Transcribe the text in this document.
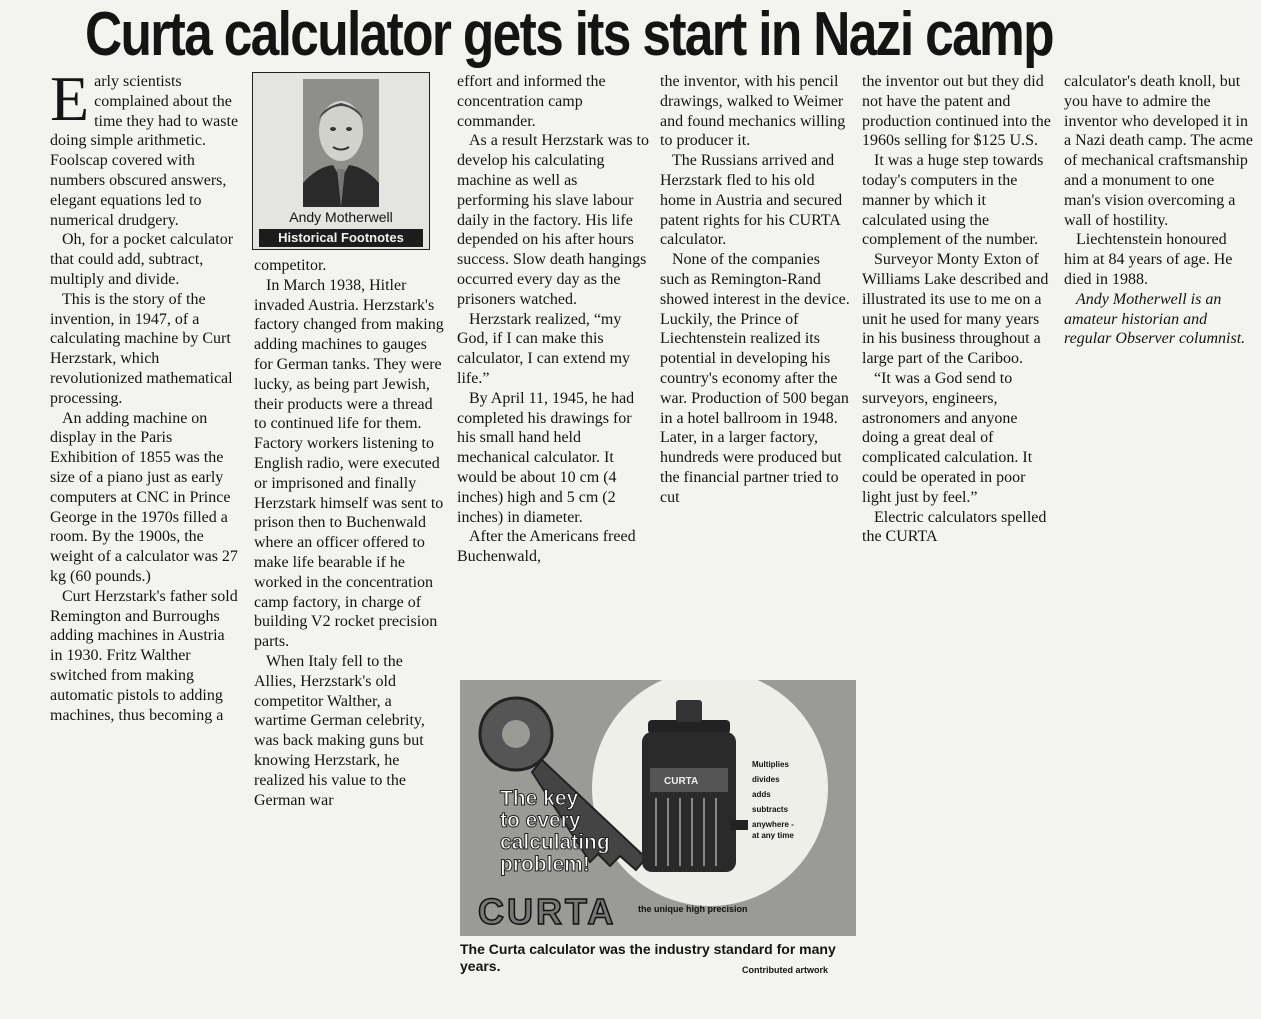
Curta calculator gets its start in Nazi camp

Early scientists complained about the time they had to waste doing simple arithmetic. Foolscap covered with numbers obscured answers, elegant equations led to numerical drudgery.

Oh, for a pocket calculator that could add, subtract, multiply and divide.

This is the story of the invention, in 1947, of a calculating machine by Curt Herzstark, which revolutionized mathematical processing.

An adding machine on display in the Paris Exhibition of 1855 was the size of a piano just as early computers at CNC in Prince George in the 1970s filled a room. By the 1900s, the weight of a calculator was 27 kg (60 pounds.)

Curt Herzstark's father sold Remington and Burroughs adding machines in Austria in 1930. Fritz Walther switched from making automatic pistols to adding machines, thus becoming a

Andy Motherwell
Historical Footnotes

competitor.

In March 1938, Hitler invaded Austria. Herzstark's factory changed from making adding machines to gauges for German tanks. They were lucky, as being part Jewish, their products were a thread to continued life for them. Factory workers listening to English radio, were executed or imprisoned and finally Herzstark himself was sent to prison then to Buchenwald where an officer offered to make life bearable if he worked in the concentration camp factory, in charge of building V2 rocket precision parts.

When Italy fell to the Allies, Herzstark's old competitor Walther, a wartime German celebrity, was back making guns but knowing Herzstark, he realized his value to the German war

effort and informed the concentration camp commander.

As a result Herzstark was to develop his calculating machine as well as performing his slave labour daily in the factory. His life depended on his after hours success. Slow death hangings occurred every day as the prisoners watched.

Herzstark realized, “my God, if I can make this calculator, I can extend my life.”

By April 11, 1945, he had completed his drawings for his small hand held mechanical calculator. It would be about 10 cm (4 inches) high and 5 cm (2 inches) in diameter.

After the Americans freed Buchenwald,

the inventor, with his pencil drawings, walked to Weimer and found mechanics willing to producer it.

The Russians arrived and Herzstark fled to his old home in Austria and secured patent rights for his CURTA calculator.

None of the companies such as Remington-Rand showed interest in the device. Luckily, the Prince of Liechtenstein realized its potential in developing his country's economy after the war. Production of 500 began in a hotel ballroom in 1948. Later, in a larger factory, hundreds were produced but the financial partner tried to cut

the inventor out but they did not have the patent and production continued into the 1960s selling for $125 U.S.

It was a huge step towards today's computers in the manner by which it calculated using the complement of the number.

Surveyor Monty Exton of Williams Lake described and illustrated its use to me on a unit he used for many years in his business throughout a large part of the Cariboo.

“It was a God send to surveyors, engineers, astronomers and anyone doing a great deal of complicated calculation. It could be operated in poor light just by feel.”

Electric calculators spelled the CURTA

calculator's death knoll, but you have to admire the inventor who developed it in a Nazi death camp. The acme of mechanical craftsmanship and a monument to one man's vision overcoming a wall of hostility.

Liechtenstein honoured him at 84 years of age. He died in 1988.

Andy Motherwell is an amateur historian and regular Observer columnist.

CURTA
The key
to every
calculating
problem!
Multiplies
divides
adds
subtracts
anywhere -
at any time
CURTA the unique high precision

The Curta calculator was the industry standard for many years.	Contributed artwork
